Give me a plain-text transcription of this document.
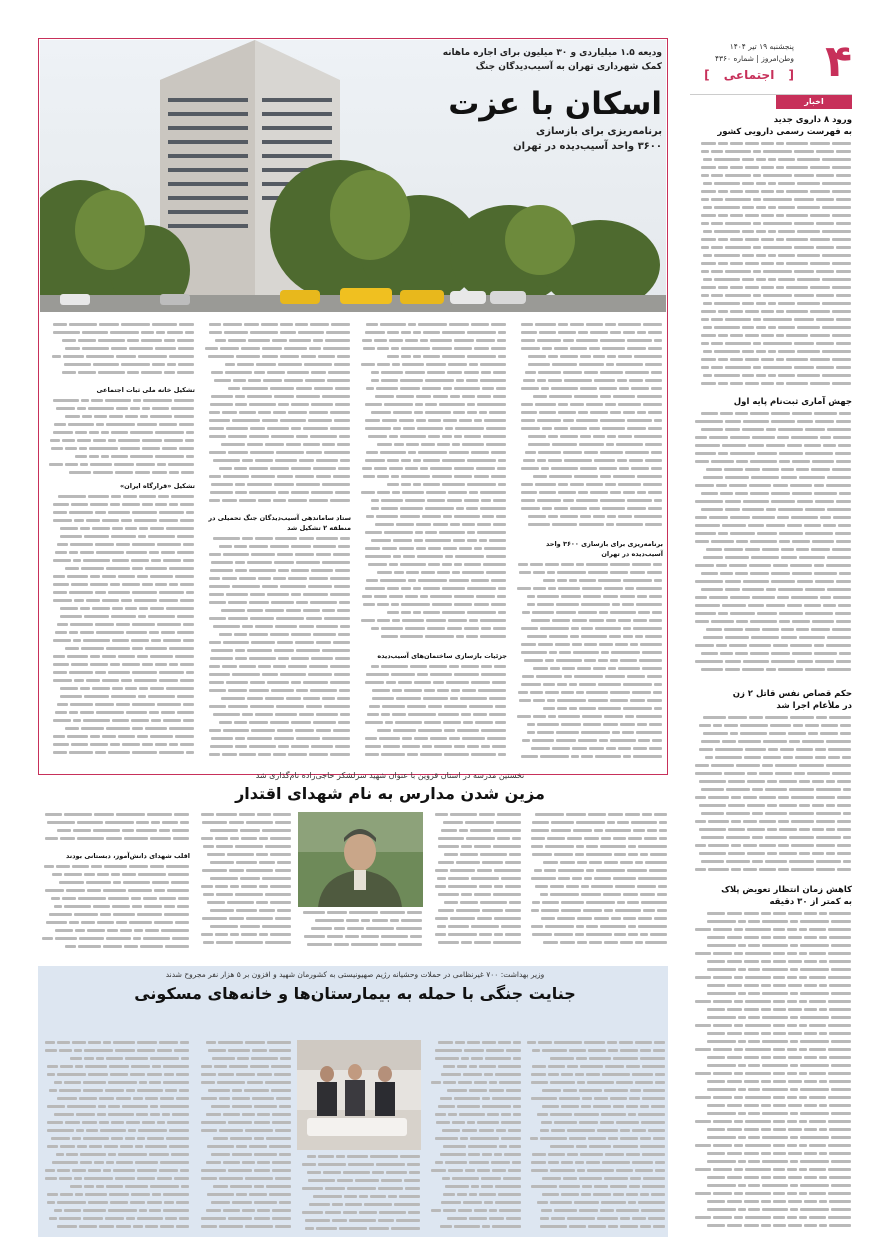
۴
پنجشنبه ۱۹ تیر ۱۴۰۴
وطن‌امروز | شماره ۴۳۶۰
[ اجتماعی ]
اخبار
ورود ۸ داروی جدید
به فهرست رسمی دارویی کشور
جهش آماری ثبت‌نام پایه اول
حکم قصاص نفس قاتل ۲ زن
در ملأعام اجرا شد
کاهش زمان انتظار تعویض پلاک
به کمتر از ۳۰ دقیقه
ودیعه ۱.۵ میلیاردی و ۳۰ میلیون برای اجاره ماهانه
کمک شهرداری تهران به آسیب‌دیدگان جنگ
اسکان با عزت
برنامه‌ریزی برای بازسازی
۳۶۰۰ واحد آسیب‌دیده در تهران
برنامه‌ریزی برای بازسازی ۳۶۰۰ واحد آسیب‌دیده در تهران
جزئیات بازسازی ساختمان‌های آسیب‌دیده
ستاد ساماندهی آسیب‌دیدگان جنگ تحمیلی در منطقه ۲ تشکیل شد
تشکیل خانه ملی ثبات اجتماعی
تشکیل «قرارگاه ایران»
نخستین مدرسه در استان قزوین با عنوان شهید سرلشکر حاجی‌زاده نام‌گذاری شد
مزین شدن مدارس به نام شهدای اقتدار
اقلب شهدای دانش‌آموز، دبستانی بودند
وزیر بهداشت: ۷۰۰ غیرنظامی در حملات وحشیانه رژیم صهیونیستی به کشورمان شهید و افزون بر ۵ هزار نفر مجروح شدند
جنایت جنگی با حمله به بیمارستان‌ها و خانه‌های مسکونی
